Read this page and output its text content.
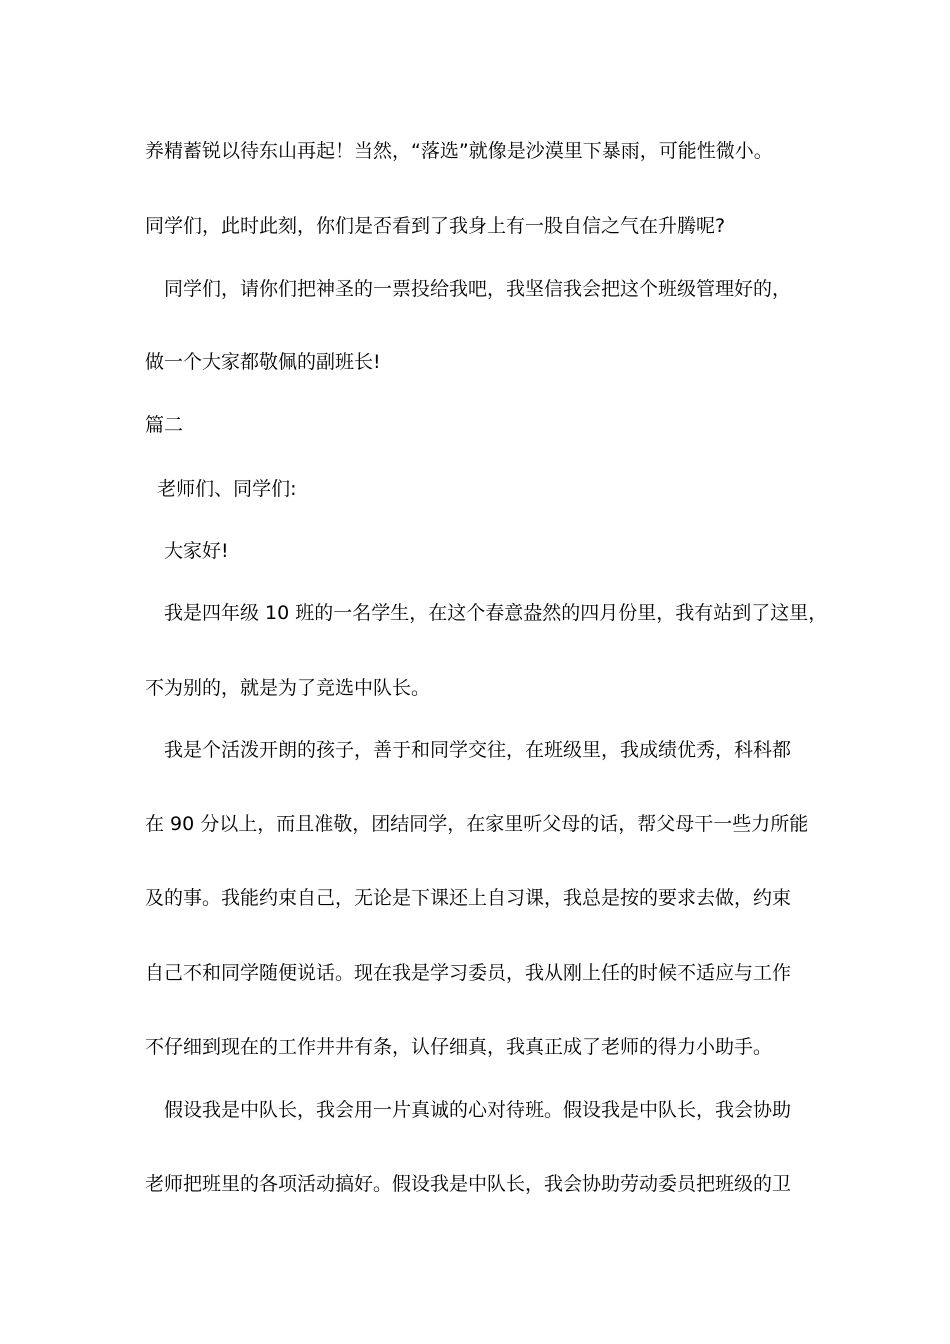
养精蓄锐以待东山再起！当然，“落选”就像是沙漠里下暴雨，可能性微小。
同学们，此时此刻，你们是否看到了我身上有一股自信之气在升腾呢?
　同学们，请你们把神圣的一票投给我吧，我坚信我会把这个班级管理好的，
做一个大家都敬佩的副班长!
篇二
老师们、同学们:
　大家好!
　我是四年级 10 班的一名学生，在这个春意盎然的四月份里，我有站到了这里，
不为别的，就是为了竞选中队长。
　我是个活泼开朗的孩子，善于和同学交往，在班级里，我成绩优秀，科科都
在 90 分以上，而且准敬，团结同学，在家里听父母的话，帮父母干一些力所能
及的事。我能约束自己，无论是下课还上自习课，我总是按的要求去做，约束
自己不和同学随便说话。现在我是学习委员，我从刚上任的时候不适应与工作
不仔细到现在的工作井井有条，认仔细真，我真正成了老师的得力小助手。
　假设我是中队长，我会用一片真诚的心对待班。假设我是中队长，我会协助
老师把班里的各项活动搞好。假设我是中队长，我会协助劳动委员把班级的卫
